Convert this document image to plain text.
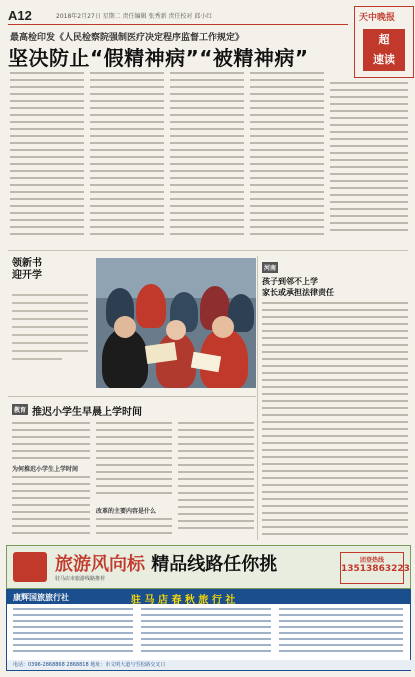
A12	2018年2月27日 星期二 责任编辑 张秀新 责任校对 邱小红	天中晚报
超
速读
最高检印发《人民检察院强制医疗决定程序监督工作规定》
坚决防止“假精神病”“被精神病”
领新书
迎开学
河南
孩子到邻不上学
家长或承担法律责任
教育 推迟小学生早晨上学时间
为何推迟小学生上学时间
改革的主要内容是什么
旅游风向标 精品线路任你挑
驻马店市旅游线路推荐
团登热线
13513863223
康辉国旅旅行社	驻 马 店 春 秋 旅 行 社
电话：0396-2868868 2868818 地址：市文明大道与雪松路交叉口
